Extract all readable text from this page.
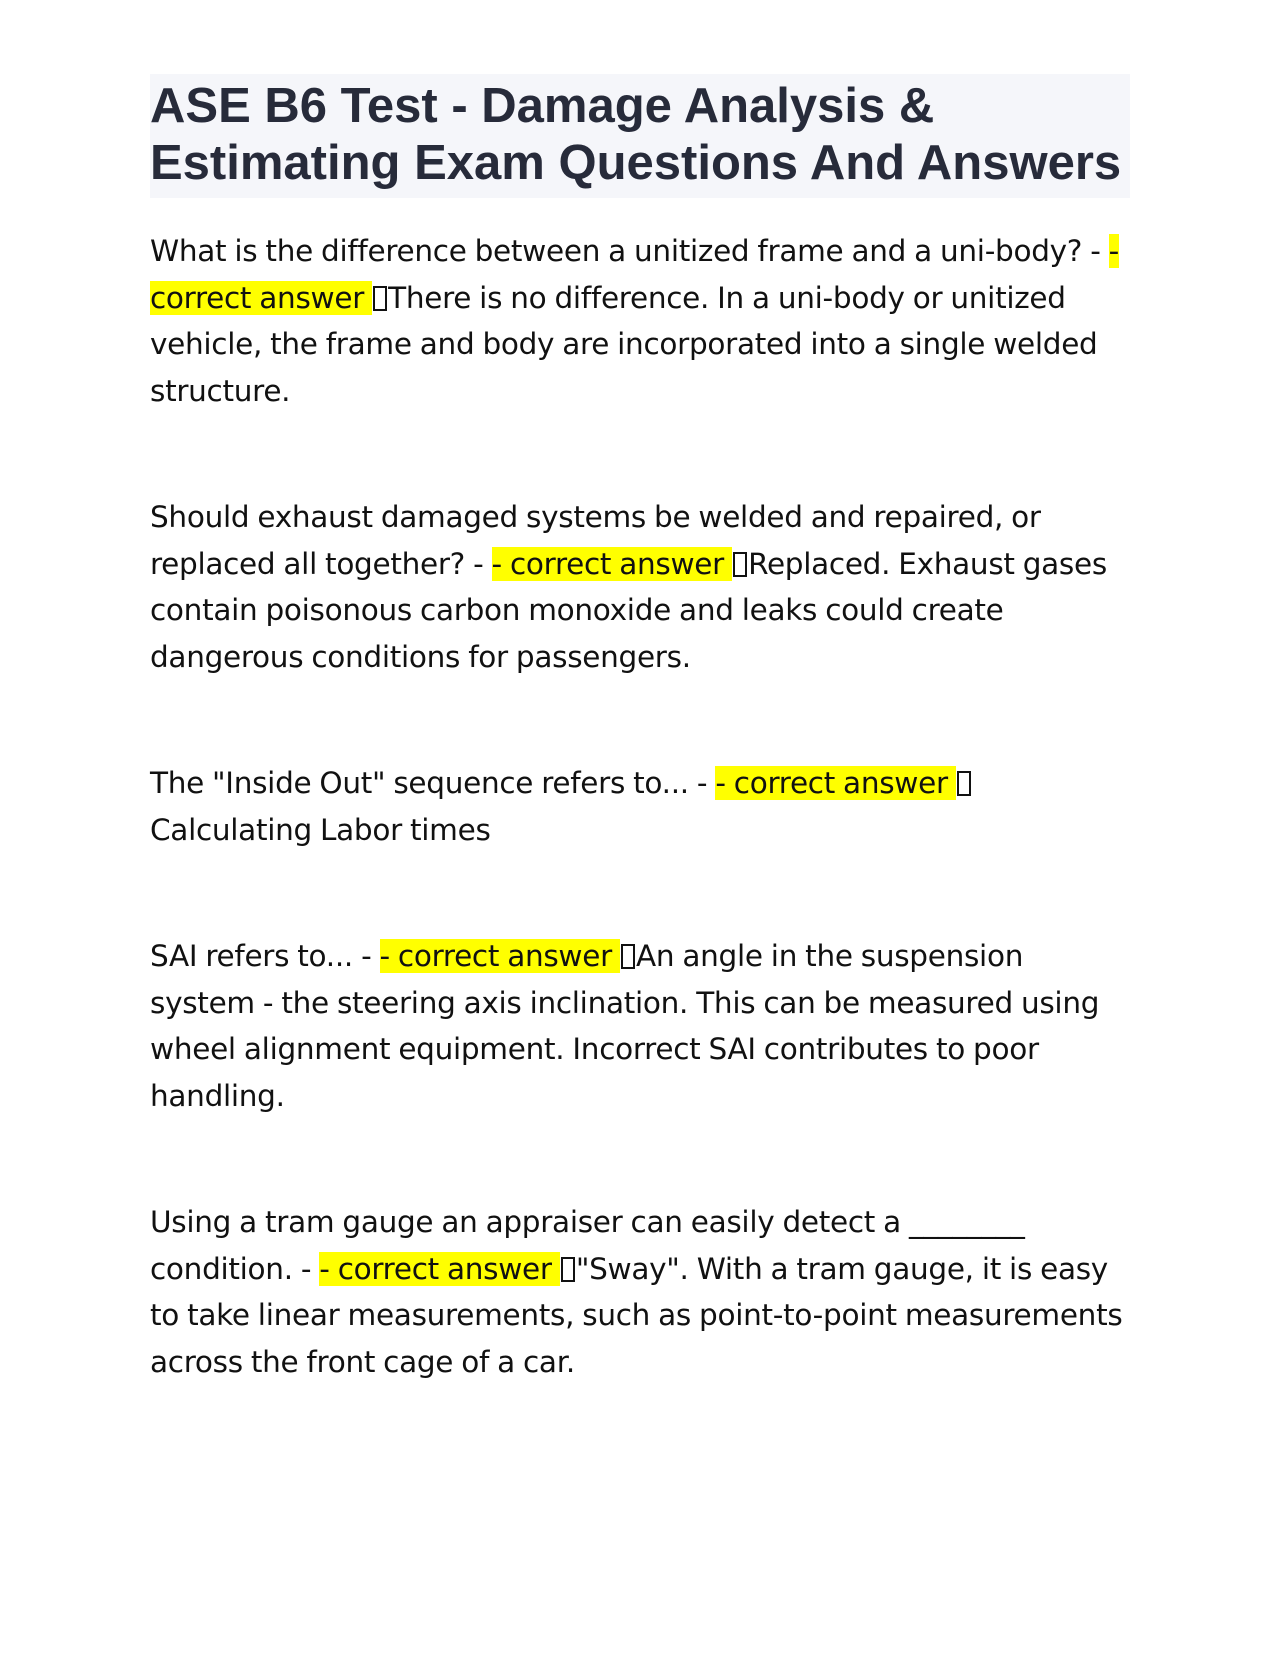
ASE B6 Test - Damage Analysis & Estimating Exam Questions And Answers

What is the difference between a unitized frame and a uni-body? - - correct answer There is no difference. In a uni-body or unitized vehicle, the frame and body are incorporated into a single welded structure.

Should exhaust damaged systems be welded and repaired, or replaced all together? - - correct answer Replaced. Exhaust gases contain poisonous carbon monoxide and leaks could create dangerous conditions for passengers.

The "Inside Out" sequence refers to... - - correct answer Calculating Labor times

SAI refers to... - - correct answer An angle in the suspension system - the steering axis inclination. This can be measured using wheel alignment equipment. Incorrect SAI contributes to poor handling.

Using a tram gauge an appraiser can easily detect a ________ condition. - - correct answer "Sway". With a tram gauge, it is easy to take linear measurements, such as point-to-point measurements across the front cage of a car.
